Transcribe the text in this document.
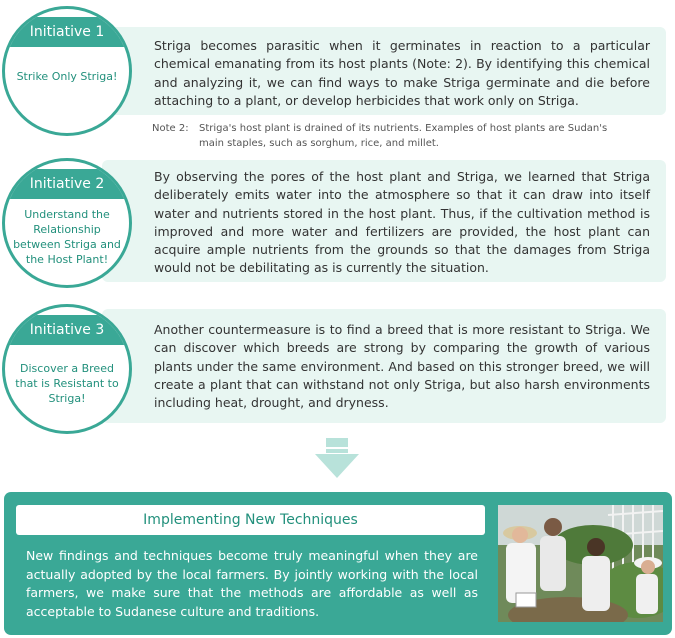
Striga becomes parasitic when it germinates in reaction to a particular chemical emanating from its host plants (Note: 2). By identifying this chemical and analyzing it, we can find ways to make Striga germinate and die before attaching to a plant, or develop herbicides that work only on Striga.

Initiative 1
Strike Only Striga!
Note 2: Striga's host plant is drained of its nutrients. Examples of host plants are Sudan's main staples, such as sorghum, rice, and millet.

By observing the pores of the host plant and Striga, we learned that Striga deliberately emits water into the atmosphere so that it can draw into itself water and nutrients stored in the host plant. Thus, if the cultivation method is improved and more water and fertilizers are provided, the host plant can acquire ample nutrients from the grounds so that the damages from Striga would not be debilitating as is currently the situation.

Initiative 2
Understand the Relationship between Striga and the Host Plant!

Another countermeasure is to find a breed that is more resistant to Striga. We can discover which breeds are strong by comparing the growth of various plants under the same environment. And based on this stronger breed, we will create a plant that can withstand not only Striga, but also harsh environments including heat, drought, and dryness.

Initiative 3
Discover a Breed that is Resistant to Striga!
Implementing New Techniques

New findings and techniques become truly meaningful when they are actually adopted by the local farmers. By jointly working with the local farmers, we make sure that the methods are affordable as well as acceptable to Sudanese culture and traditions.
